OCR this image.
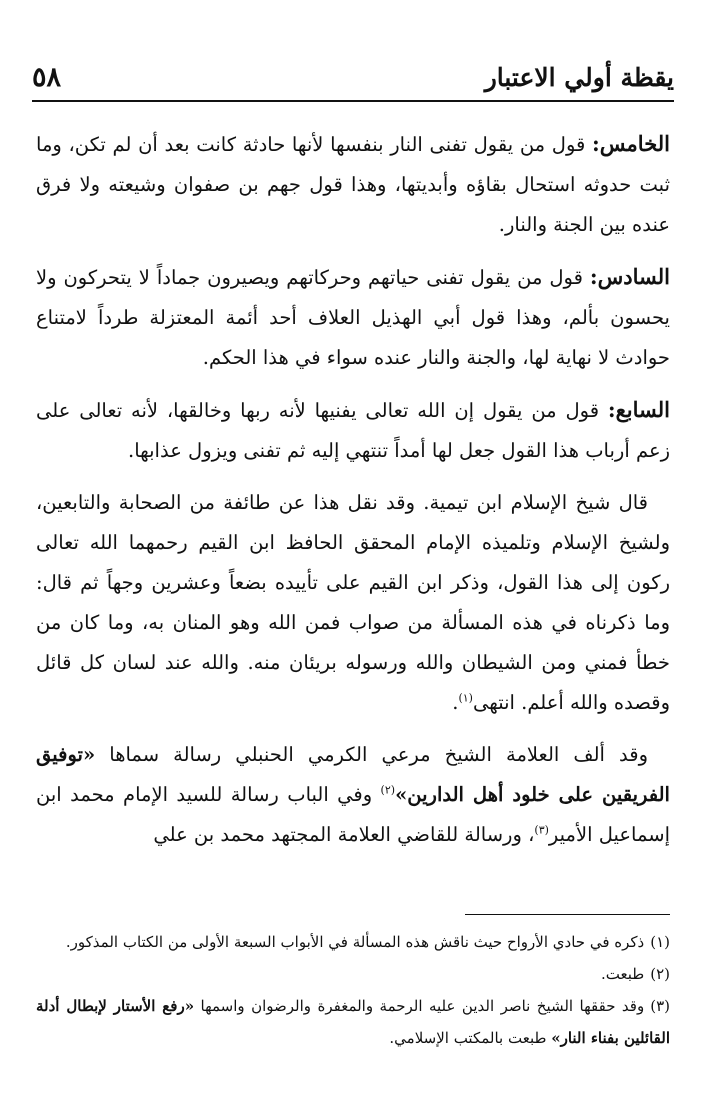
يقظة أولي الاعتبار
٥٨

الخامس: قول من يقول تفنى النار بنفسها لأنها حادثة كانت بعد أن لم تكن، وما ثبت حدوثه استحال بقاؤه وأبديتها، وهذا قول جهم بن صفوان وشيعته ولا فرق عنده بين الجنة والنار.

السادس: قول من يقول تفنى حياتهم وحركاتهم ويصيرون جماداً لا يتحركون ولا يحسون بألم، وهذا قول أبي الهذيل العلاف أحد أئمة المعتزلة طرداً لامتناع حوادث لا نهاية لها، والجنة والنار عنده سواء في هذا الحكم.

السابع: قول من يقول إن الله تعالى يفنيها لأنه ربها وخالقها، لأنه تعالى على زعم أرباب هذا القول جعل لها أمداً تنتهي إليه ثم تفنى ويزول عذابها.

قال شيخ الإسلام ابن تيمية. وقد نقل هذا عن طائفة من الصحابة والتابعين، ولشيخ الإسلام وتلميذه الإمام المحقق الحافظ ابن القيم رحمهما الله تعالى ركون إلى هذا القول، وذكر ابن القيم على تأييده بضعاً وعشرين وجهاً ثم قال: وما ذكرناه في هذه المسألة من صواب فمن الله وهو المنان به، وما كان من خطأ فمني ومن الشيطان والله ورسوله بريئان منه. والله عند لسان كل قائل وقصده والله أعلم. انتهى$^{(١)}$.

وقد ألف العلامة الشيخ مرعي الكرمي الحنبلي رسالة سماها «توفيق الفريقين على خلود أهل الدارين»$^{(٢)}$ وفي الباب رسالة للسيد الإمام محمد ابن إسماعيل الأمير$^{(٣)}$، ورسالة للقاضي العلامة المجتهد محمد بن علي

(١)ذكره في حادي الأرواح حيث ناقش هذه المسألة في الأبواب السبعة الأولى من الكتاب المذكور.

(٢)طبعت.

(٣)وقد حققها الشيخ ناصر الدين عليه الرحمة والمغفرة والرضوان واسمها «رفع الأستار لإبطال أدلة القائلين بفناء النار» طبعت بالمكتب الإسلامي.
